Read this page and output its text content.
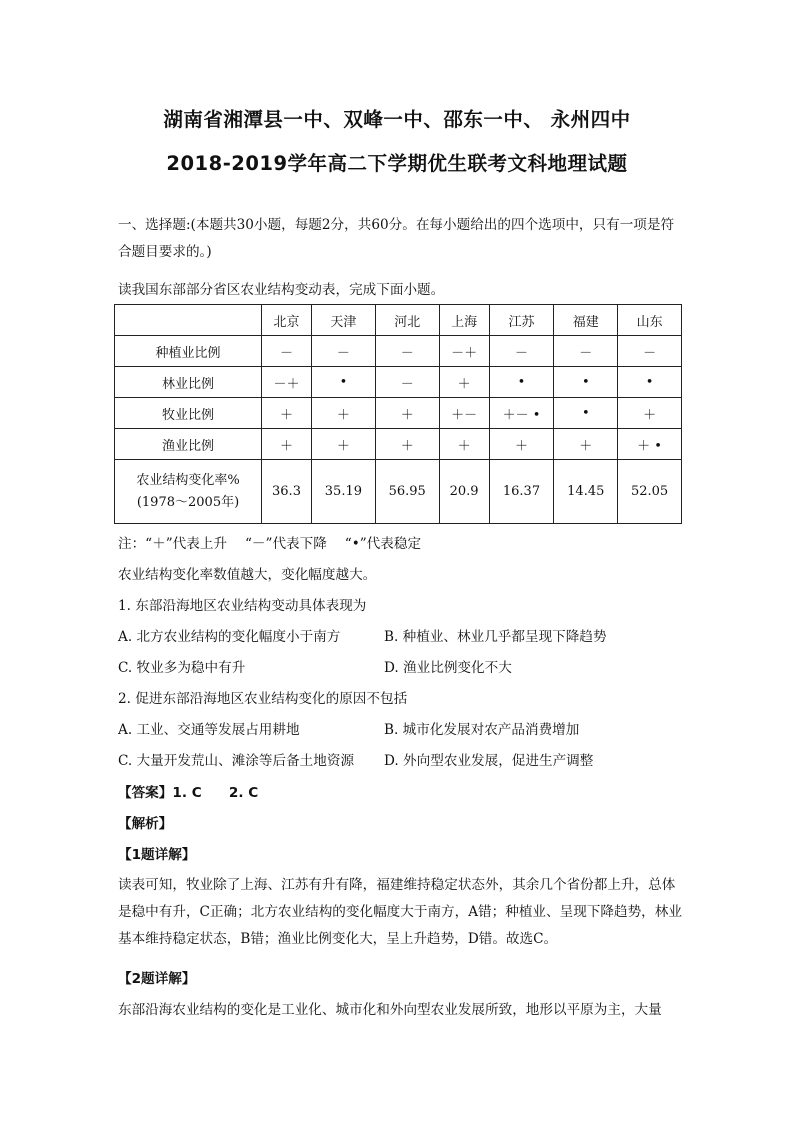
湖南省湘潭县一中、双峰一中、邵东一中、 永州四中
2018-2019学年高二下学期优生联考文科地理试题
一、选择题:(本题共30小题，每题2分，共60分。在每小题给出的四个选项中，只有一项是符合题目要求的。)
读我国东部部分省区农业结构变动表，完成下面小题。
	北京	天津	河北	上海	江苏	福建	山东
种植业比例	－	－	－	－＋	－	－	－
林业比例	－＋	•	－	＋	•	•	•
牧业比例	＋	＋	＋	＋－	＋－ •	•	＋
渔业比例	＋	＋	＋	＋	＋	＋	＋ •

农业结构变化率%
(1978～2005年)	36.3	35.19	56.95	20.9	16.37	14.45	52.05
注：“＋”代表上升　 “－”代表下降　 “•”代表稳定
农业结构变化率数值越大，变化幅度越大。
1. 东部沿海地区农业结构变动具体表现为
A. 北方农业结构的变化幅度小于南方	B. 种植业、林业几乎都呈现下降趋势
C. 牧业多为稳中有升	D. 渔业比例变化不大
2. 促进东部沿海地区农业结构变化的原因不包括
A. 工业、交通等发展占用耕地	B. 城市化发展对农产品消费增加
C. 大量开发荒山、滩涂等后备土地资源 D. 外向型农业发展，促进生产调整
【答案】1. C　　2. C
【解析】
【1题详解】
读表可知，牧业除了上海、江苏有升有降，福建维持稳定状态外，其余几个省份都上升，总体是稳中有升，C正确；北方农业结构的变化幅度大于南方，A错；种植业、呈现下降趋势，林业基本维持稳定状态，B错；渔业比例变化大，呈上升趋势，D错。故选C。
【2题详解】
东部沿海农业结构的变化是工业化、城市化和外向型农业发展所致，地形以平原为主，大量
